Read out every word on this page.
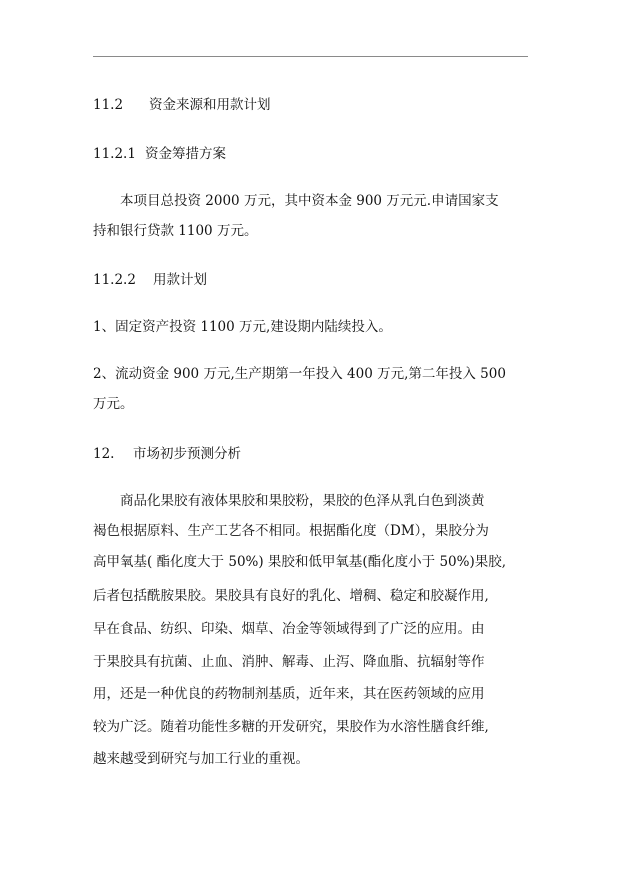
11.2 资金来源和用款计划
11.2.1 资金筹措方案
本项目总投资 2000 万元，其中资本金 900 万元元.申请国家支
持和银行贷款 1100 万元。
11.2.2 用款计划
1、固定资产投资 1100 万元,建设期内陆续投入。
2、流动资金 900 万元,生产期第一年投入 400 万元,第二年投入 500
万元。
12. 市场初步预测分析
商品化果胶有液体果胶和果胶粉，果胶的色泽从乳白色到淡黄
褐色根据原料、生产工艺各不相同。根据酯化度（DM），果胶分为
高甲氧基( 酯化度大于 50%) 果胶和低甲氧基(酯化度小于 50%)果胶,
后者包括酰胺果胶。果胶具有良好的乳化、增稠、稳定和胶凝作用,
早在食品、纺织、印染、烟草、冶金等领域得到了广泛的应用。由
于果胶具有抗菌、止血、消肿、解毒、止泻、降血脂、抗辐射等作
用，还是一种优良的药物制剂基质，近年来，其在医药领域的应用
较为广泛。随着功能性多糖的开发研究，果胶作为水溶性膳食纤维,
越来越受到研究与加工行业的重视。
